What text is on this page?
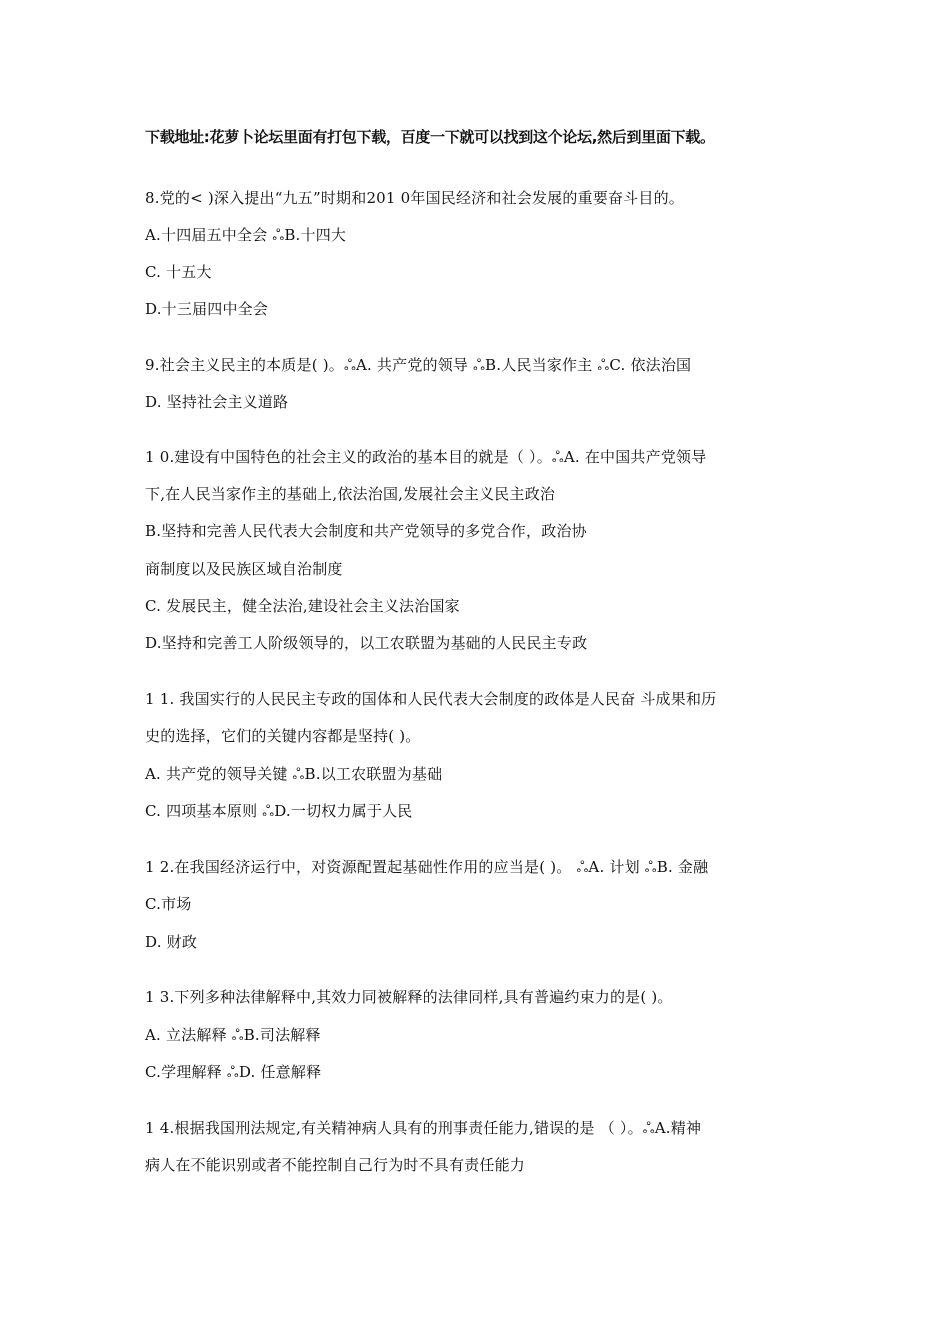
下载地址:花萝卜论坛里面有打包下载，百度一下就可以找到这个论坛,然后到里面下载。
8.党的< )深入提出“九五”时期和201 0年国民经济和社会发展的重要奋斗目的。
A.十四届五中全会 ஃB.十四大
C. 十五大
D.十三届四中全会
9.社会主义民主的本质是( )。ஃA. 共产党的领导 ஃB.人民当家作主 ஃC. 依法治国
D. 坚持社会主义道路
1 0.建设有中国特色的社会主义的政治的基本目的就是（ ）。ஃA. 在中国共产党领导
下,在人民当家作主的基础上,依法治国,发展社会主义民主政治
B.坚持和完善人民代表大会制度和共产党领导的多党合作，政治协
商制度以及民族区域自治制度
C. 发展民主，健全法治,建设社会主义法治国家
D.坚持和完善工人阶级领导的，以工农联盟为基础的人民民主专政
1 1. 我国实行的人民民主专政的国体和人民代表大会制度的政体是人民奋 斗成果和历
史的选择，它们的关键内容都是坚持( )。
A. 共产党的领导关键 ஃB.以工农联盟为基础
C. 四项基本原则 ஃD.一切权力属于人民
1 2.在我国经济运行中，对资源配置起基础性作用的应当是( )。 ஃA. 计划 ஃB. 金融
C.市场
D. 财政
1 3.下列多种法律解释中,其效力同被解释的法律同样,具有普遍约束力的是( )。
A. 立法解释 ஃB.司法解释
C.学理解释 ஃD. 任意解释
1 4.根据我国刑法规定,有关精神病人具有的刑事责任能力,错误的是 （ ）。ஃA.精神
病人在不能识别或者不能控制自己行为时不具有责任能力
